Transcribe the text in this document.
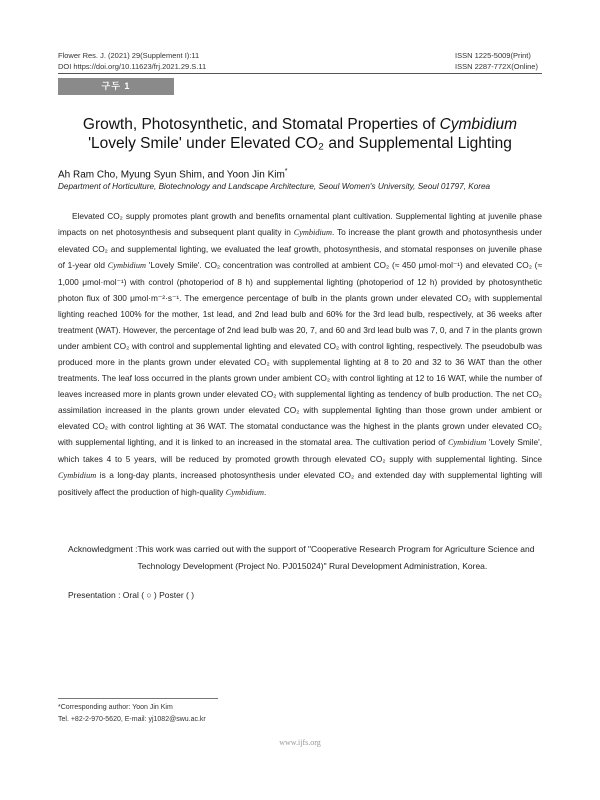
Flower Res. J. (2021) 29(Supplement I):11
DOI https://doi.org/10.11623/frj.2021.29.S.11
ISSN 1225-5009(Print)
ISSN 2287-772X(Online)
구두 1
Growth, Photosynthetic, and Stomatal Properties of Cymbidium
'Lovely Smile' under Elevated CO₂ and Supplemental Lighting
Ah Ram Cho, Myung Syun Shim, and Yoon Jin Kim*
Department of Horticulture, Biotechnology and Landscape Architecture, Seoul Women's University, Seoul 01797, Korea
Elevated CO₂ supply promotes plant growth and benefits ornamental plant cultivation. Supplemental lighting at juvenile phase impacts on net photosynthesis and subsequent plant quality in Cymbidium. To increase the plant growth and photosynthesis under elevated CO₂ and supplemental lighting, we evaluated the leaf growth, photosynthesis, and stomatal responses on juvenile phase of 1-year old Cymbidium 'Lovely Smile'. CO₂ concentration was controlled at ambient CO₂ (≈ 450 μmol·mol⁻¹) and elevated CO₂ (≈ 1,000 μmol·mol⁻¹) with control (photoperiod of 8 h) and supplemental lighting (photoperiod of 12 h) provided by photosynthetic photon flux of 300 μmol·m⁻²·s⁻¹. The emergence percentage of bulb in the plants grown under elevated CO₂ with supplemental lighting reached 100% for the mother, 1st lead, and 2nd lead bulb and 60% for the 3rd lead bulb, respectively, at 36 weeks after treatment (WAT). However, the percentage of 2nd lead bulb was 20, 7, and 60 and 3rd lead bulb was 7, 0, and 7 in the plants grown under ambient CO₂ with control and supplemental lighting and elevated CO₂ with control lighting, respectively. The pseudobulb was produced more in the plants grown under elevated CO₂ with supplemental lighting at 8 to 20 and 32 to 36 WAT than the other treatments. The leaf loss occurred in the plants grown under ambient CO₂ with control lighting at 12 to 16 WAT, while the number of leaves increased more in plants grown under elevated CO₂ with supplemental lighting as tendency of bulb production. The net CO₂ assimilation increased in the plants grown under elevated CO₂ with supplemental lighting than those grown under ambient or elevated CO₂ with control lighting at 36 WAT. The stomatal conductance was the highest in the plants grown under elevated CO₂ with supplemental lighting, and it is linked to an increased in the stomatal area. The cultivation period of Cymbidium 'Lovely Smile', which takes 4 to 5 years, will be reduced by promoted growth through elevated CO₂ supply with supplemental lighting. Since Cymbidium is a long-day plants, increased photosynthesis under elevated CO₂ and extended day with supplemental lighting will positively affect the production of high-quality Cymbidium.
Acknowledgment : This work was carried out with the support of "Cooperative Research Program for Agriculture Science and Technology Development (Project No. PJ015024)" Rural Development Administration, Korea.
Presentation : Oral ( ○ ) Poster ( )
*Corresponding author: Yoon Jin Kim
Tel. +82-2-970-5620, E-mail: yj1082@swu.ac.kr
www.ijfs.org
